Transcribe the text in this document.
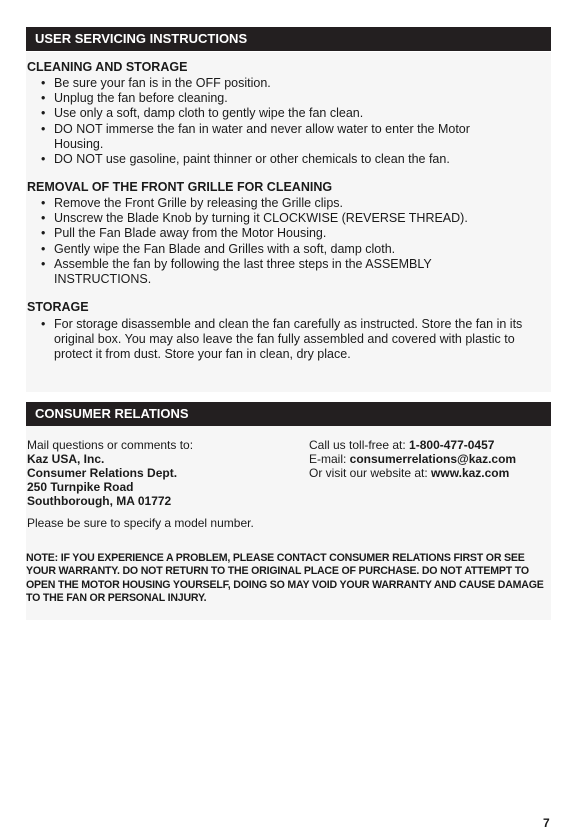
USER SERVICING INSTRUCTIONS
CLEANING AND STORAGE
• Be sure your fan is in the OFF position.
• Unplug the fan before cleaning.
• Use only a soft, damp cloth to gently wipe the fan clean.
• DO NOT immerse the fan in water and never allow water to enter the Motor Housing.
• DO NOT use gasoline, paint thinner or other chemicals to clean the fan.
REMOVAL OF THE FRONT GRILLE FOR CLEANING
• Remove the Front Grille by releasing the Grille clips.
• Unscrew the Blade Knob by turning it CLOCKWISE (REVERSE THREAD).
• Pull the Fan Blade away from the Motor Housing.
• Gently wipe the Fan Blade and Grilles with a soft, damp cloth.
• Assemble the fan by following the last three steps in the ASSEMBLY INSTRUCTIONS.
STORAGE
• For storage disassemble and clean the fan carefully as instructed. Store the fan in its original box. You may also leave the fan fully assembled and covered with plastic to protect it from dust. Store your fan in clean, dry place.
CONSUMER RELATIONS
Mail questions or comments to:
Kaz USA, Inc.
Consumer Relations Dept.
250 Turnpike Road
Southborough, MA 01772
Please be sure to specify a model number.
Call us toll-free at: 1-800-477-0457
E-mail: consumerrelations@kaz.com
Or visit our website at: www.kaz.com
NOTE: IF YOU EXPERIENCE A PROBLEM, PLEASE CONTACT CONSUMER RELATIONS FIRST OR SEE YOUR WARRANTY. DO NOT RETURN TO THE ORIGINAL PLACE OF PURCHASE. DO NOT ATTEMPT TO OPEN THE MOTOR HOUSING YOURSELF, DOING SO MAY VOID YOUR WARRANTY AND CAUSE DAMAGE TO THE FAN OR PERSONAL INJURY.
7
